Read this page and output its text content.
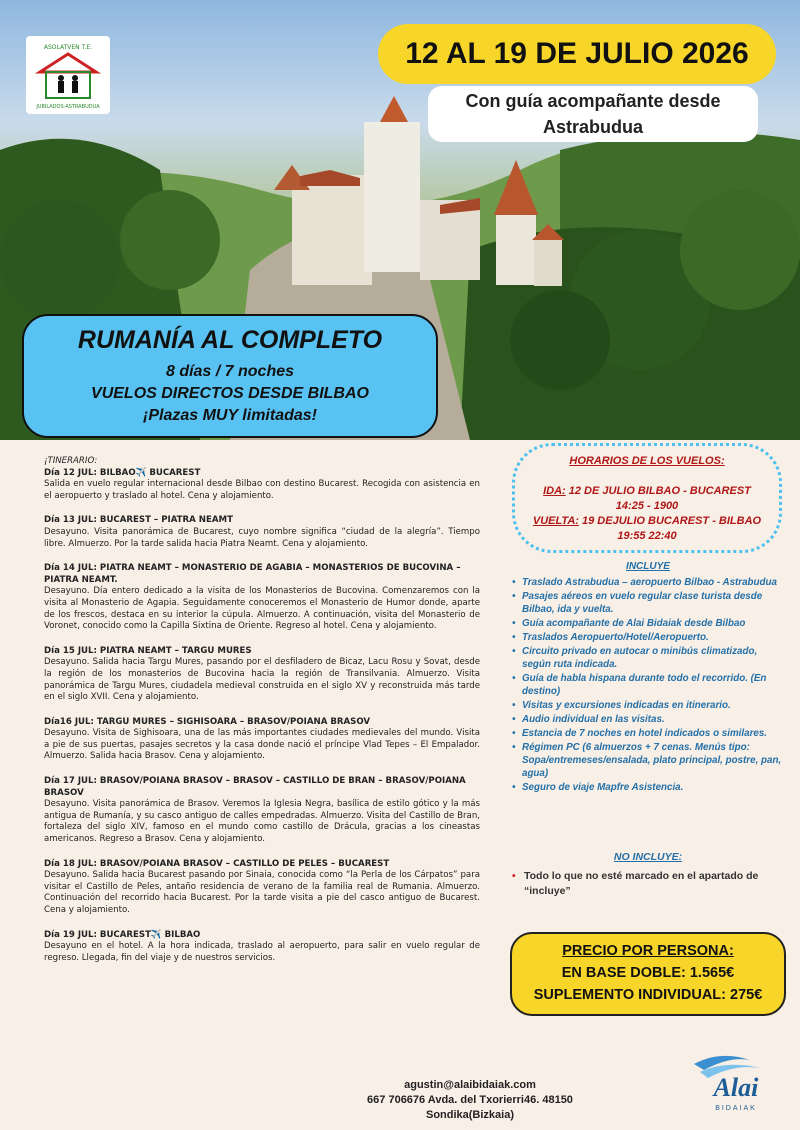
ASOLATVEN T.E.
JUBILADOS-ASTRABUDUA
12 AL 19 DE JULIO 2026
Con guía acompañante desde
Astrabudua
RUMANÍA AL COMPLETO
8 días / 7 noches
VUELOS DIRECTOS DESDE BILBAO
¡Plazas MUY limitadas!
¡TINERARIO:
Día 12 JUL: BILBAO✈️ BUCAREST
Salida en vuelo regular internacional desde Bilbao con destino Bucarest. Recogida con asistencia en el aeropuerto y traslado al hotel. Cena y alojamiento.
Día 13 JUL: BUCAREST – PIATRA NEAMT
Desayuno. Visita panorámica de Bucarest, cuyo nombre significa “ciudad de la alegría”. Tiempo libre. Almuerzo. Por la tarde salida hacia Piatra Neamt. Cena y alojamiento.
Día 14 JUL: PIATRA NEAMT – MONASTERIO DE AGABIA – MONASTERIOS DE BUCOVINA – PIATRA NEAMT.
Desayuno. Día entero dedicado a la visita de los Monasterios de Bucovina. Comenzaremos con la visita al Monasterio de Agapia. Seguidamente conoceremos el Monasterio de Humor donde, aparte de los frescos, destaca en su interior la cúpula. Almuerzo. A continuación, visita del Monasterio de Voronet, conocido como la Capilla Sixtina de Oriente. Regreso al hotel. Cena y alojamiento.
Día 15 JUL: PIATRA NEAMT – TARGU MURES
Desayuno. Salida hacia Targu Mures, pasando por el desfiladero de Bicaz, Lacu Rosu y Sovat, desde la región de los monasterios de Bucovina hacia la región de Transilvania. Almuerzo. Visita panorámica de Targu Mures, ciudadela medieval construida en el siglo XV y reconstruida más tarde en el siglo XVII. Cena y alojamiento.
Día16 JUL: TARGU MURES – SIGHISOARA – BRASOV/POIANA BRASOV
Desayuno. Visita de Sighisoara, una de las más importantes ciudades medievales del mundo. Visita a pie de sus puertas, pasajes secretos y la casa donde nació el príncipe Vlad Tepes – El Empalador. Almuerzo. Salida hacia Brasov. Cena y alojamiento.
Día 17 JUL: BRASOV/POIANA BRASOV – BRASOV – CASTILLO DE BRAN – BRASOV/POIANA BRASOV
Desayuno. Visita panorámica de Brasov. Veremos la Iglesia Negra, basílica de estilo gótico y la más antigua de Rumanía, y su casco antiguo de calles empedradas. Almuerzo. Visita del Castillo de Bran, fortaleza del siglo XIV, famoso en el mundo como castillo de Drácula, gracias a los cineastas americanos. Regreso a Brasov. Cena y alojamiento.
Día 18 JUL: BRASOV/POIANA BRASOV – CASTILLO DE PELES – BUCAREST
Desayuno. Salida hacia Bucarest pasando por Sinaia, conocida como “la Perla de los Cárpatos” para visitar el Castillo de Peles, antaño residencia de verano de la familia real de Rumania. Almuerzo. Continuación del recorrido hacia Bucarest. Por la tarde visita a pie del casco antiguo de Bucarest. Cena y alojamiento.
Día 19 JUL: BUCAREST✈️ BILBAO
Desayuno en el hotel. A la hora indicada, traslado al aeropuerto, para salir en vuelo regular de regreso. Llegada, fin del viaje y de nuestros servicios.
HORARIOS DE LOS VUELOS:
IDA: 12 DE JULIO BILBAO - BUCAREST
14:25 - 1900
VUELTA: 19 DEJULIO BUCAREST - BILBAO
19:55 22:40
INCLUYE
• Traslado Astrabudua – aeropuerto Bilbao - Astrabudua
• Pasajes aéreos en vuelo regular clase turista desde Bilbao, ida y vuelta.
• Guía acompañante de Alai Bidaiak desde Bilbao
• Traslados Aeropuerto/Hotel/Aeropuerto.
• Circuito privado en autocar o minibús climatizado, según ruta indicada.
• Guía de habla hispana durante todo el recorrido. (En destino)
• Visitas y excursiones indicadas en itinerario.
• Audio individual en las visitas.
• Estancia de 7 noches en hotel indicados o similares.
• Régimen PC (6 almuerzos + 7 cenas. Menús tipo: Sopa/entremeses/ensalada, plato principal, postre, pan, agua)
• Seguro de viaje Mapfre Asistencia.
NO INCLUYE:
• Todo lo que no esté marcado en el apartado de “incluye”
PRECIO POR PERSONA:
EN BASE DOBLE: 1.565€
SUPLEMENTO INDIVIDUAL: 275€
agustin@alaibidaiak.com
667 706676 Avda. del Txorierri46. 48150
Sondika(Bizkaia)
Alai
BIDAIAK
